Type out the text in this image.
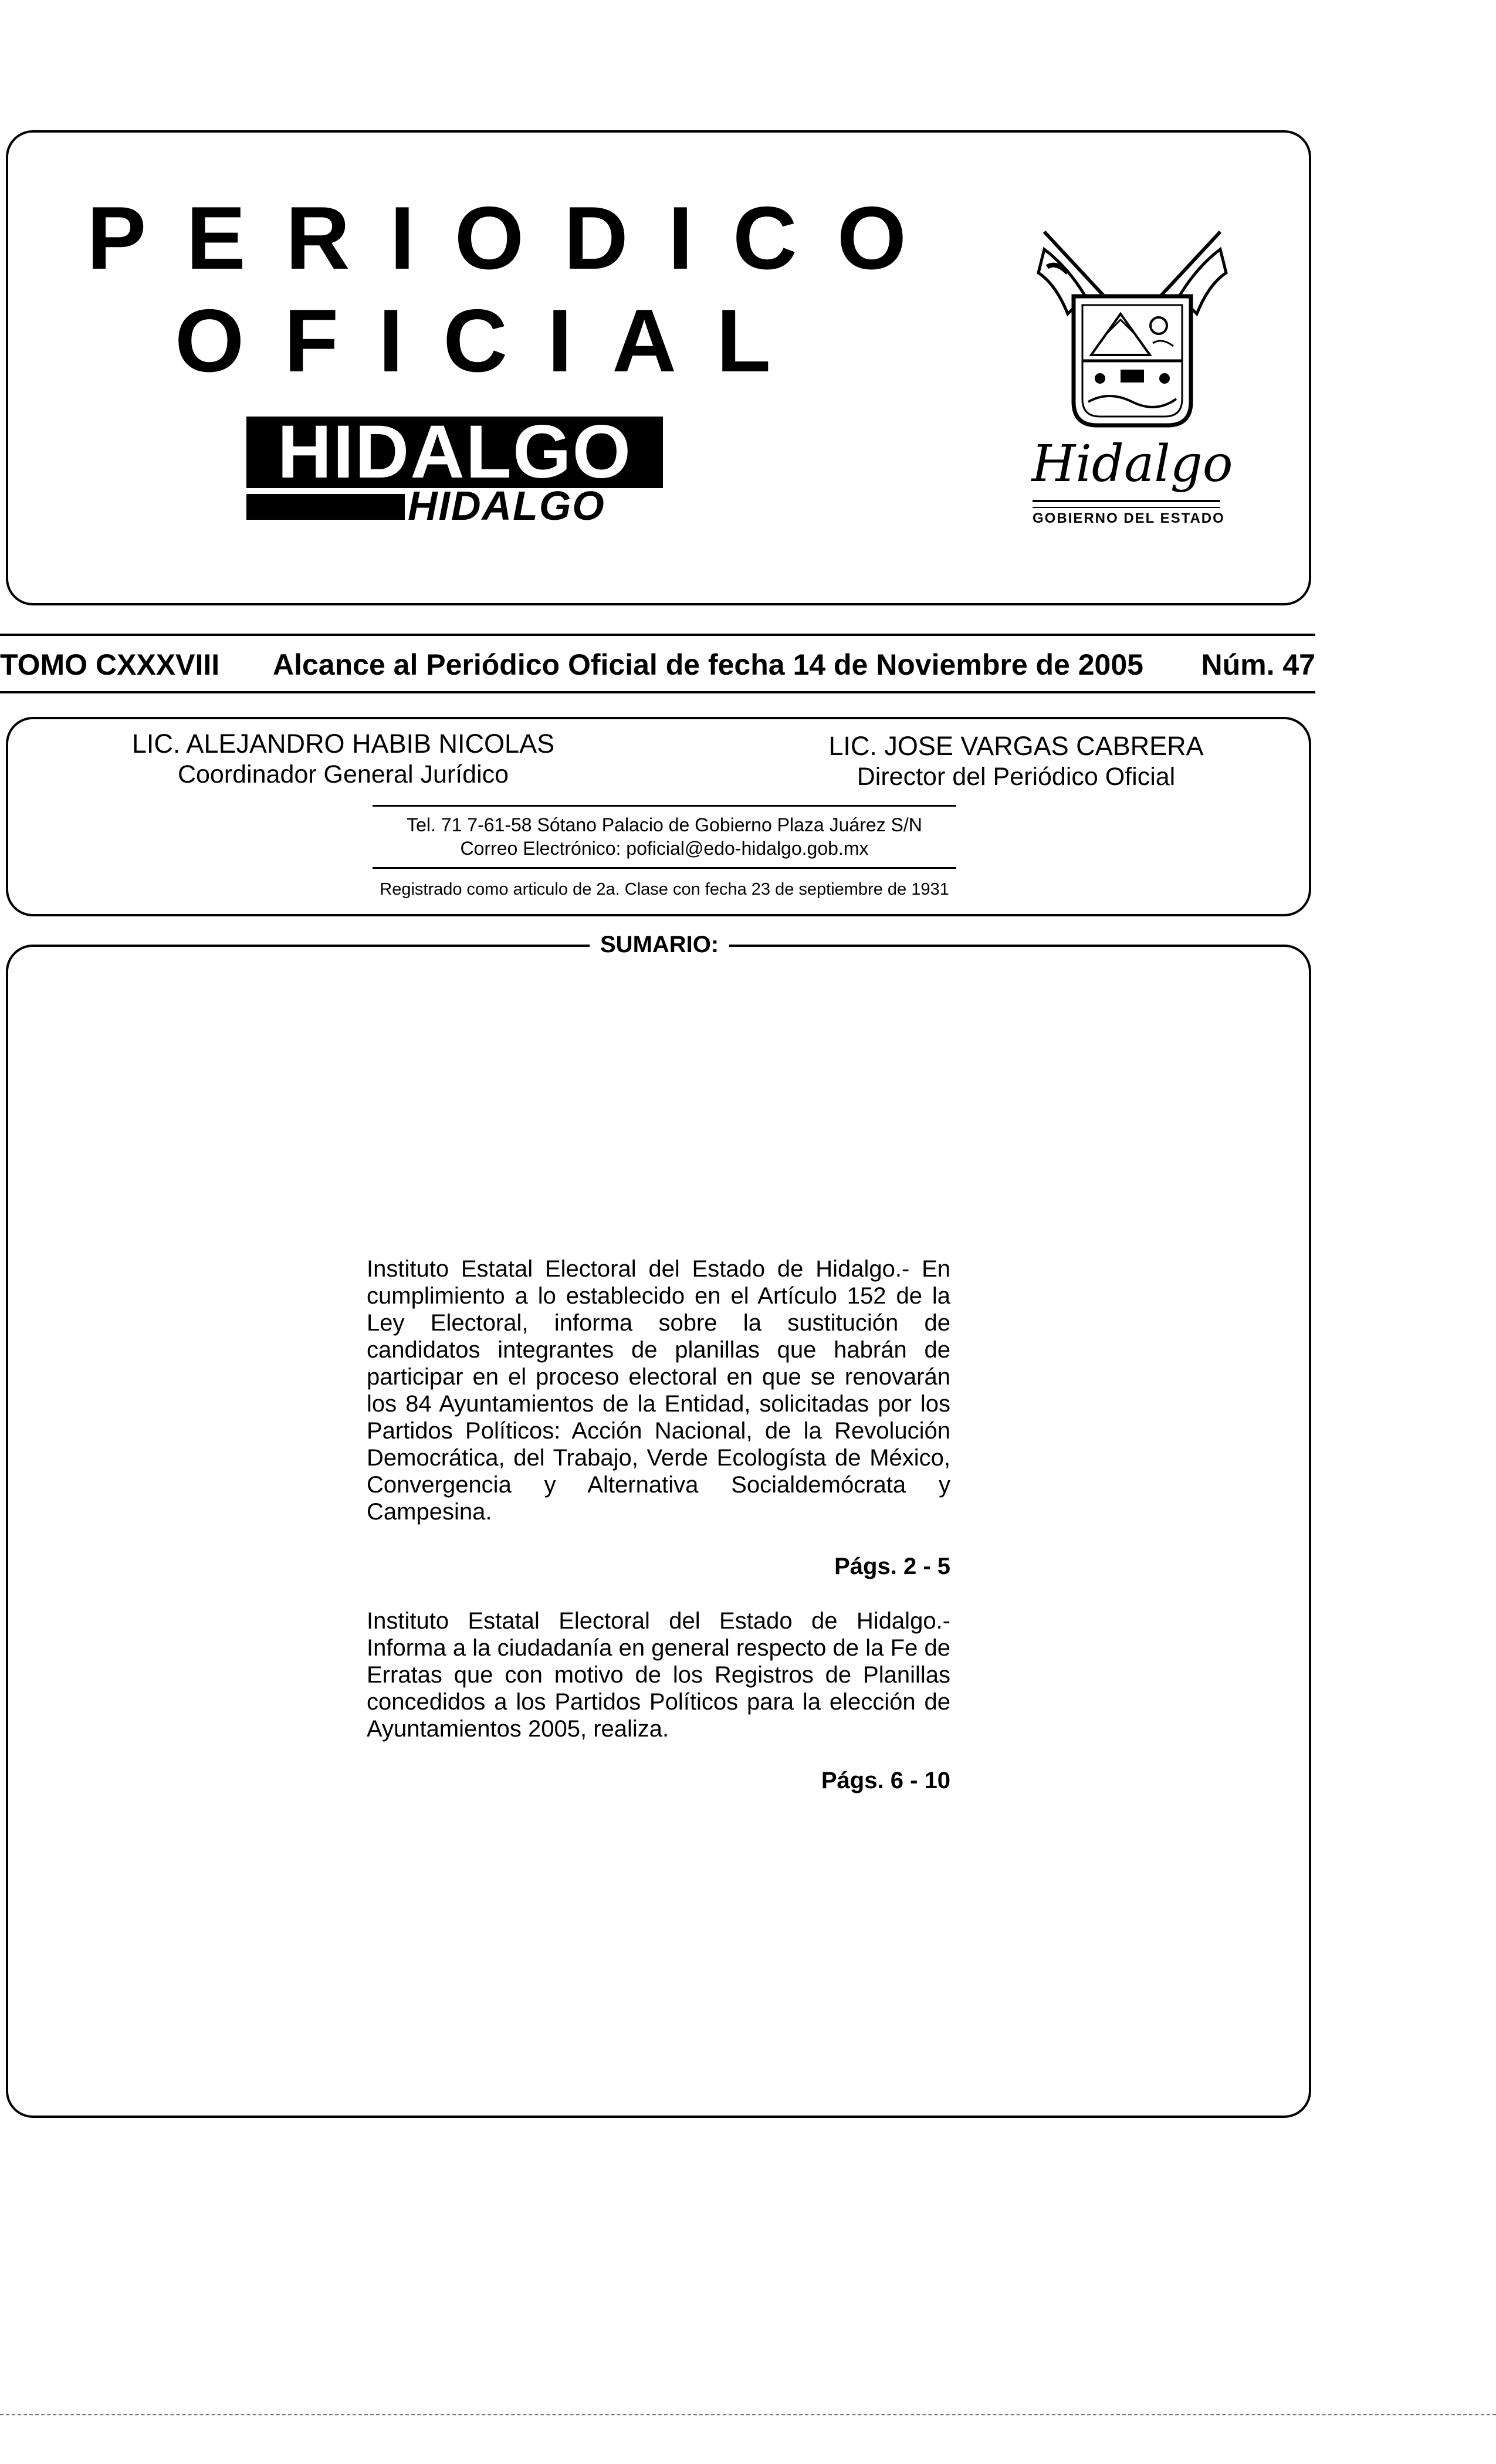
PERIODICO
OFICIAL
HIDALGO
HIDALGO
Hidalgo
GOBIERNO DEL ESTADO
TOMO CXXXVIII Alcance al Periódico Oficial de fecha 14 de Noviembre de 2005 Núm. 47
LIC. ALEJANDRO HABIB NICOLAS
Coordinador General Jurídico
LIC. JOSE VARGAS CABRERA
Director del Periódico Oficial
Tel. 71 7-61-58 Sótano Palacio de Gobierno Plaza Juárez S/N
Correo Electrónico: poficial@edo-hidalgo.gob.mx
Registrado como articulo de 2a. Clase con fecha 23 de septiembre de 1931
SUMARIO:
Instituto Estatal Electoral del Estado de Hidalgo.- En cumplimiento a lo establecido en el Artículo 152 de la Ley Electoral, informa sobre la sustitución de candidatos integrantes de planillas que habrán de participar en el proceso electoral en que se renovarán los 84 Ayuntamientos de la Entidad, solicitadas por los Partidos Políticos: Acción Nacional, de la Revolución Democrática, del Trabajo, Verde Ecologísta de México, Convergencia y Alternativa Socialdemócrata y Campesina.
Págs. 2 - 5
Instituto Estatal Electoral del Estado de Hidalgo.- Informa a la ciudadanía en general respecto de la Fe de Erratas que con motivo de los Registros de Planillas concedidos a los Partidos Políticos para la elección de Ayuntamientos 2005, realiza.
Págs. 6 - 10
